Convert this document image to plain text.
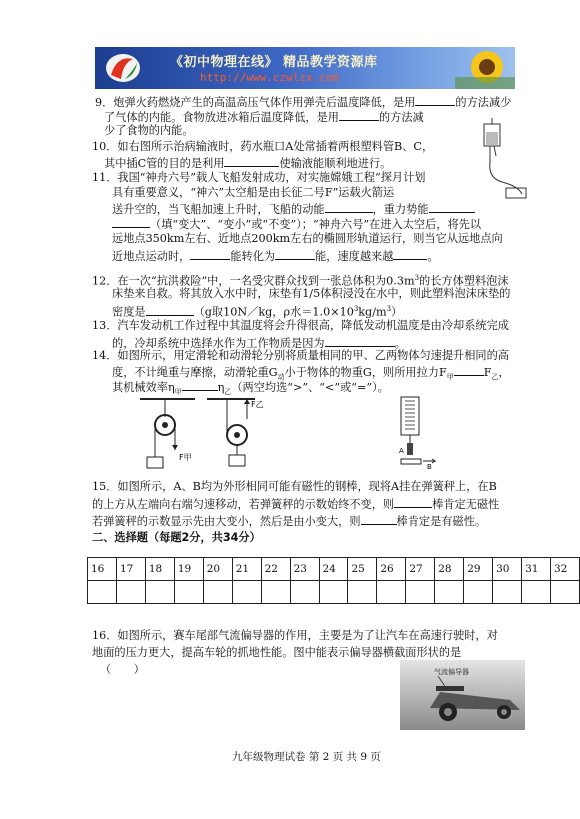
《初中物理在线》 精品教学资源库
http://www.czwlzx.com
9．炮弹火药燃烧产生的高温高压气体作用弹壳后温度降低，是用	的方法减少
了气体的内能。食物放进冰箱后温度降低，是用	的方法减
少了食物的内能。
10．如右图所示治病输液时，药水瓶口A处常插着两根塑料管B、C，
其中插C管的目的是利用	使输液能顺利地进行。
11．我国“神舟六号”载人飞船发射成功，对实施嫦娥工程“探月计划
具有重要意义，“神六”太空船是由长征二号F”运载火箭运
送升空的，当飞船加速上升时，飞船的动能	，重力势能
（填“变大”、“变小”或“不变”）；“神舟六号”在进入太空后，将先以
远地点350km左右、近地点200km左右的椭圆形轨道运行，则当它从远地点向
近地点运动时，	能转化为	能，速度越来越	。
12．在一次“抗洪救险”中，一名受灾群众找到一张总体积为$0.3m^3$的长方体塑料泡沫
床垫来自救。将其放入水中时，床垫有1/5体积浸没在水中，则此塑料泡沫床垫的
密度是	（g取10N／kg，ρ水$=1.0\times 10^3kg/m^3$）
13．汽车发动机工作过程中其温度将会升得很高，降低发动机温度是由冷却系统完成
的，冷却系统中选择水作为工作物质是因为	。
14．如图所示，用定滑轮和动滑轮分别将质量相同的甲、乙两物体匀速提升相同的高
度，不计绳重与摩擦，动滑轮重$G_动$小于物体的物重G，则所用拉力$F_甲$	$F_乙$，
其机械效率$\eta_甲$	$\eta_乙$（两空均选“>”、“<”或“=”）。
F甲
F乙
A
B
15．如图所示，A、B均为外形相同可能有磁性的钢棒，现将A挂在弹簧秤上，在B
的上方从左端向右端匀速移动，若弹簧秤的示数始终不变，则	棒肯定无磁性
若弹簧秤的示数显示先由大变小，然后是由小变大，则	棒肯定是有磁性。
二、选择题（每题2分，共34分）
16	17	18	19	20	21	22	23	24	25	26	27	28	29	30	31	32

16．如图所示，赛车尾部气流偏导器的作用，主要是为了让汽车在高速行驶时，对
地面的压力更大，提高车轮的抓地性能。图中能表示偏导器横截面形状的是
（　　）	气流偏导器
九年级物理试卷 第 2 页 共 9 页
